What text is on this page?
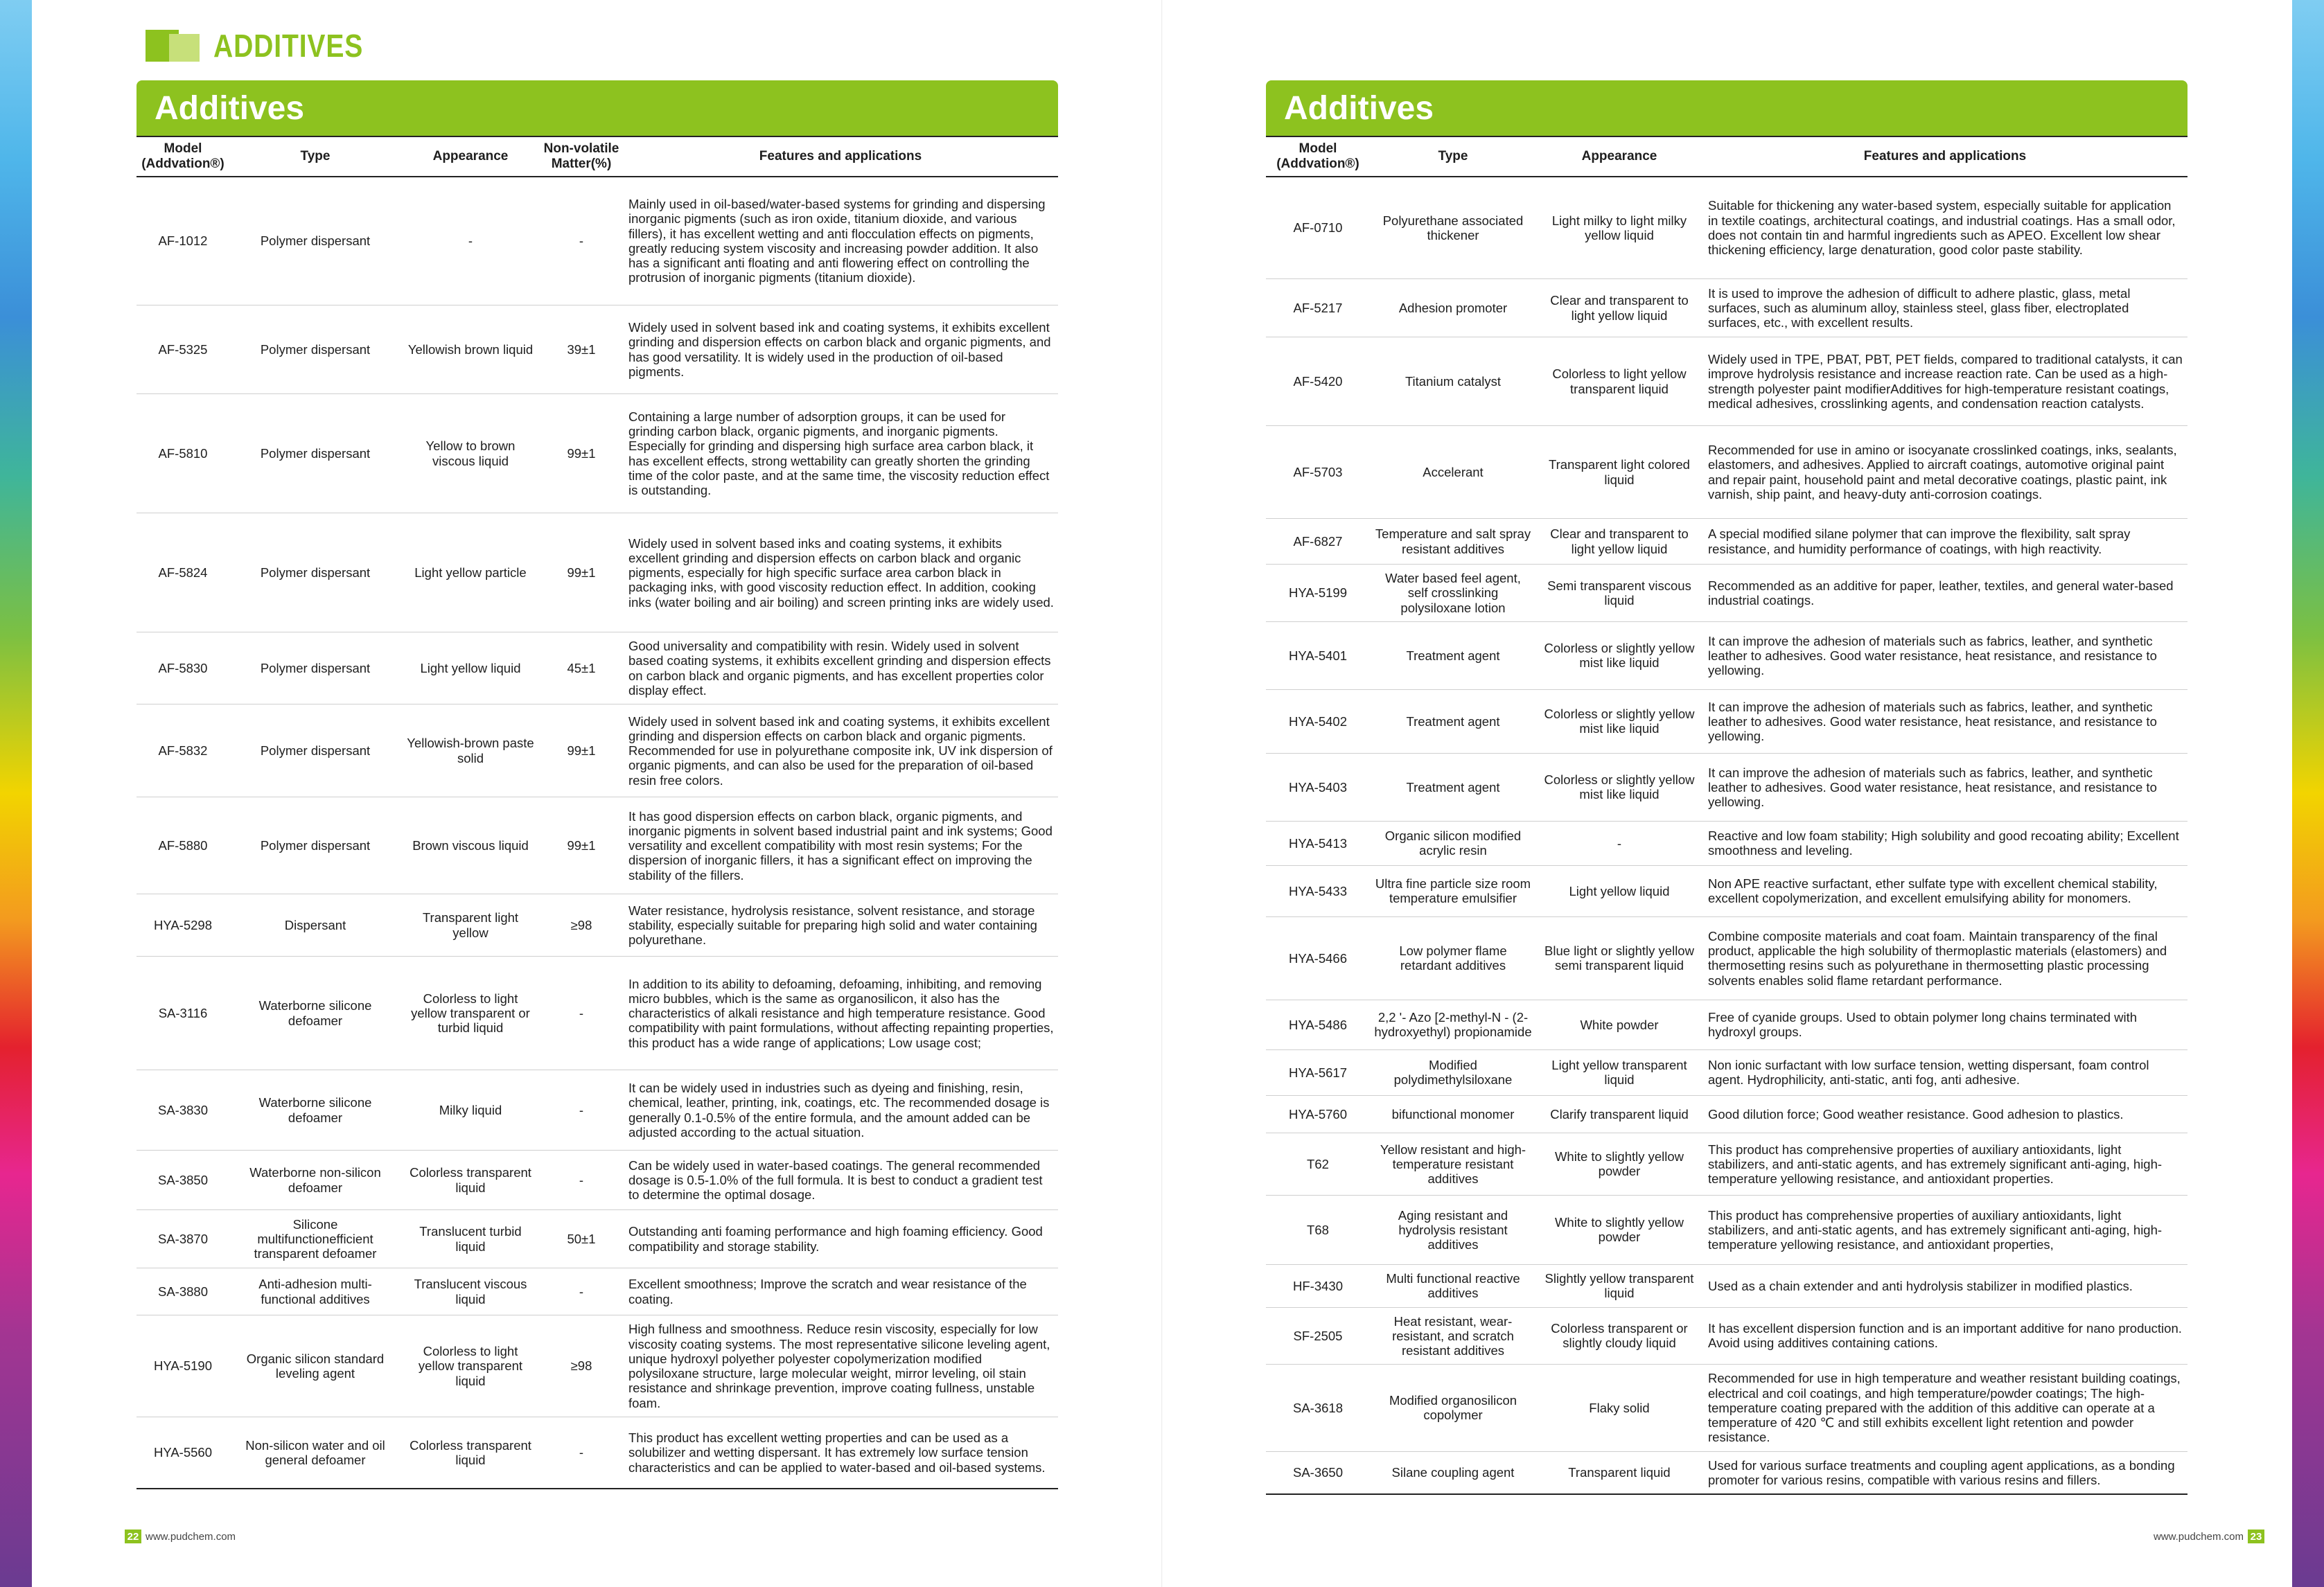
ADDITIVES
Additives
Model (Addvation®)	Type	Appearance	Non-volatile Matter(%)	Features and applications
AF-1012	Polymer dispersant	-	-	Mainly used in oil-based/water-based systems for grinding and dispersing inorganic pigments (such as iron oxide, titanium dioxide, and various fillers), it has excellent wetting and anti flocculation effects on pigments, greatly reducing system viscosity and increasing powder addition. It also has a significant anti floating and anti flowering effect on controlling the protrusion of inorganic pigments (titanium dioxide).
AF-5325	Polymer dispersant	Yellowish brown liquid	39±1	Widely used in solvent based ink and coating systems, it exhibits excellent grinding and dispersion effects on carbon black and organic pigments, and has good versatility. It is widely used in the production of oil-based pigments.
AF-5810	Polymer dispersant	Yellow to brown viscous liquid	99±1	Containing a large number of adsorption groups, it can be used for grinding carbon black, organic pigments, and inorganic pigments. Especially for grinding and dispersing high surface area carbon black, it has excellent effects, strong wettability can greatly shorten the grinding time of the color paste, and at the same time, the viscosity reduction effect is outstanding.
AF-5824	Polymer dispersant	Light yellow particle	99±1	Widely used in solvent based inks and coating systems, it exhibits excellent grinding and dispersion effects on carbon black and organic pigments, especially for high specific surface area carbon black in packaging inks, with good viscosity reduction effect. In addition, cooking inks (water boiling and air boiling) and screen printing inks are widely used.
AF-5830	Polymer dispersant	Light yellow liquid	45±1	Good universality and compatibility with resin. Widely used in solvent based coating systems, it exhibits excellent grinding and dispersion effects on carbon black and organic pigments, and has excellent properties color display effect.
AF-5832	Polymer dispersant	Yellowish-brown paste solid	99±1	Widely used in solvent based ink and coating systems, it exhibits excellent grinding and dispersion effects on carbon black and organic pigments. Recommended for use in polyurethane composite ink, UV ink dispersion of organic pigments, and can also be used for the preparation of oil-based resin free colors.
AF-5880	Polymer dispersant	Brown viscous liquid	99±1	It has good dispersion effects on carbon black, organic pigments, and inorganic pigments in solvent based industrial paint and ink systems; Good versatility and excellent compatibility with most resin systems; For the dispersion of inorganic fillers, it has a significant effect on improving the stability of the fillers.
HYA-5298	Dispersant	Transparent light yellow	≥98	Water resistance, hydrolysis resistance, solvent resistance, and storage stability, especially suitable for preparing high solid and water containing polyurethane.
SA-3116	Waterborne silicone defoamer	Colorless to light yellow transparent or turbid liquid	-	In addition to its ability to defoaming, defoaming, inhibiting, and removing micro bubbles, which is the same as organosilicon, it also has the characteristics of alkali resistance and high temperature resistance. Good compatibility with paint formulations, without affecting repainting properties, this product has a wide range of applications; Low usage cost;
SA-3830	Waterborne silicone defoamer	Milky liquid	-	It can be widely used in industries such as dyeing and finishing, resin, chemical, leather, printing, ink, coatings, etc. The recommended dosage is generally 0.1-0.5% of the entire formula, and the amount added can be adjusted according to the actual situation.
SA-3850	Waterborne non-silicon defoamer	Colorless transparent liquid	-	Can be widely used in water-based coatings. The general recommended dosage is 0.5-1.0% of the full formula. It is best to conduct a gradient test to determine the optimal dosage.
SA-3870	Silicone multifunctionefficient transparent defoamer	Translucent turbid liquid	50±1	Outstanding anti foaming performance and high foaming efficiency. Good compatibility and storage stability.
SA-3880	Anti-adhesion multi-functional additives	Translucent viscous liquid	-	Excellent smoothness; Improve the scratch and wear resistance of the coating.
HYA-5190	Organic silicon standard leveling agent	Colorless to light yellow transparent liquid	≥98	High fullness and smoothness. Reduce resin viscosity, especially for low viscosity coating systems. The most representative silicone leveling agent, unique hydroxyl polyether polyester copolymerization modified polysiloxane structure, large molecular weight, mirror leveling, oil stain resistance and shrinkage prevention, improve coating fullness, unstable foam.
HYA-5560	Non-silicon water and oil general defoamer	Colorless transparent liquid	-	This product has excellent wetting properties and can be used as a solubilizer and wetting dispersant. It has extremely low surface tension characteristics and can be applied to water-based and oil-based systems.
Additives
Model (Addvation®)	Type	Appearance	Features and applications
AF-0710	Polyurethane associated thickener	Light milky to light milky yellow liquid	Suitable for thickening any water-based system, especially suitable for application in textile coatings, architectural coatings, and industrial coatings. Has a small odor, does not contain tin and harmful ingredients such as APEO. Excellent low shear thickening efficiency, large denaturation, good color paste stability.
AF-5217	Adhesion promoter	Clear and transparent to light yellow liquid	It is used to improve the adhesion of difficult to adhere plastic, glass, metal surfaces, such as aluminum alloy, stainless steel, glass fiber, electroplated surfaces, etc., with excellent results.
AF-5420	Titanium catalyst	Colorless to light yellow transparent liquid	Widely used in TPE, PBAT, PBT, PET fields, compared to traditional catalysts, it can improve hydrolysis resistance and increase reaction rate. Can be used as a high-strength polyester paint modifierAdditives for high-temperature resistant coatings, medical adhesives, crosslinking agents, and condensation reaction catalysts.
AF-5703	Accelerant	Transparent light colored liquid	Recommended for use in amino or isocyanate crosslinked coatings, inks, sealants, elastomers, and adhesives. Applied to aircraft coatings, automotive original paint and repair paint, household paint and metal decorative coatings, plastic paint, ink varnish, ship paint, and heavy-duty anti-corrosion coatings.
AF-6827	Temperature and salt spray resistant additives	Clear and transparent to light yellow liquid	A special modified silane polymer that can improve the flexibility, salt spray resistance, and humidity performance of coatings, with high reactivity.
HYA-5199	Water based feel agent, self crosslinking polysiloxane lotion	Semi transparent viscous liquid	Recommended as an additive for paper, leather, textiles, and general water-based industrial coatings.
HYA-5401	Treatment agent	Colorless or slightly yellow mist like liquid	It can improve the adhesion of materials such as fabrics, leather, and synthetic leather to adhesives. Good water resistance, heat resistance, and resistance to yellowing.
HYA-5402	Treatment agent	Colorless or slightly yellow mist like liquid	It can improve the adhesion of materials such as fabrics, leather, and synthetic leather to adhesives. Good water resistance, heat resistance, and resistance to yellowing.
HYA-5403	Treatment agent	Colorless or slightly yellow mist like liquid	It can improve the adhesion of materials such as fabrics, leather, and synthetic leather to adhesives. Good water resistance, heat resistance, and resistance to yellowing.
HYA-5413	Organic silicon modified acrylic resin	-	Reactive and low foam stability; High solubility and good recoating ability; Excellent smoothness and leveling.
HYA-5433	Ultra fine particle size room temperature emulsifier	Light yellow liquid	Non APE reactive surfactant, ether sulfate type with excellent chemical stability, excellent copolymerization, and excellent emulsifying ability for monomers.
HYA-5466	Low polymer flame retardant additives	Blue light or slightly yellow semi transparent liquid	Combine composite materials and coat foam. Maintain transparency of the final product, applicable the high solubility of thermoplastic materials (elastomers) and thermosetting resins such as polyurethane in thermosetting plastic processing solvents enables solid flame retardant performance.
HYA-5486	2,2 '- Azo [2-methyl-N - (2-hydroxyethyl) propionamide	White powder	Free of cyanide groups. Used to obtain polymer long chains terminated with hydroxyl groups.
HYA-5617	Modified polydimethylsiloxane	Light yellow transparent liquid	Non ionic surfactant with low surface tension, wetting dispersant, foam control agent. Hydrophilicity, anti-static, anti fog, anti adhesive.
HYA-5760	bifunctional monomer	Clarify transparent liquid	Good dilution force; Good weather resistance. Good adhesion to plastics.
T62	Yellow resistant and high-temperature resistant additives	White to slightly yellow powder	This product has comprehensive properties of auxiliary antioxidants, light stabilizers, and anti-static agents, and has extremely significant anti-aging, high-temperature yellowing resistance, and antioxidant properties.
T68	Aging resistant and hydrolysis resistant additives	White to slightly yellow powder	This product has comprehensive properties of auxiliary antioxidants, light stabilizers, and anti-static agents, and has extremely significant anti-aging, high-temperature yellowing resistance, and antioxidant properties,
HF-3430	Multi functional reactive additives	Slightly yellow transparent liquid	Used as a chain extender and anti hydrolysis stabilizer in modified plastics.
SF-2505	Heat resistant, wear-resistant, and scratch resistant additives	Colorless transparent or slightly cloudy liquid	It has excellent dispersion function and is an important additive for nano production. Avoid using additives containing cations.
SA-3618	Modified organosilicon copolymer	Flaky solid	Recommended for use in high temperature and weather resistant building coatings, electrical and coil coatings, and high temperature/powder coatings; The high-temperature coating prepared with the addition of this additive can operate at a temperature of 420 ℃ and still exhibits excellent light retention and powder resistance.
SA-3650	Silane coupling agent	Transparent liquid	Used for various surface treatments and coupling agent applications, as a bonding promoter for various resins, compatible with various resins and fillers.
22 www.pudchem.com	www.pudchem.com 23
